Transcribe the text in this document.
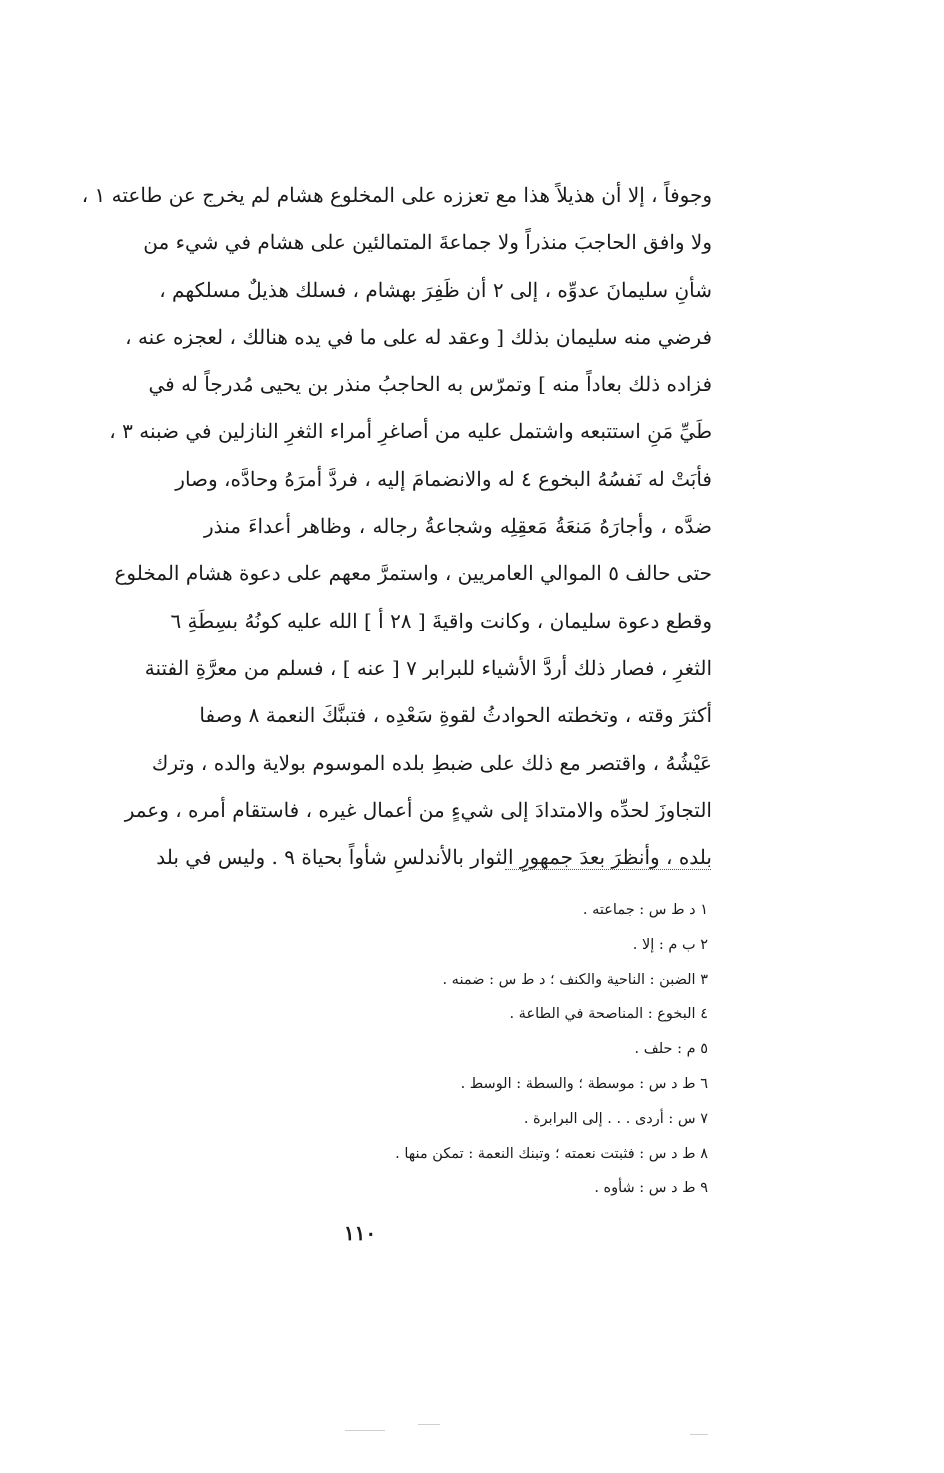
وجوفاً ، إلا أن هذيلاً هذا مع تعززه على المخلوع هشام لم يخرج عن طاعته ١ ،
ولا وافق الحاجبَ منذراً ولا جماعةَ المتمالئين على هشام في شيء من
شأنِ سليمانَ عدوِّه ، إلى ٢ أن ظَفِرَ بهشام ، فسلك هذيلٌ مسلكهم ،
فرضي منه سليمان بذلك [ وعقد له على ما في يده هنالك ، لعجزه عنه ،
فزاده ذلك بعاداً منه ] وتمرّس به الحاجبُ منذر بن يحيى مُدرجاً له في
طَيِّ مَنِ استتبعه واشتمل عليه من أصاغرِ أمراء الثغرِ النازلين في ضبنه ٣ ،
فأبَتْ له نَفسُهُ البخوع ٤ له والانضمامَ إليه ، فردَّ أمرَهُ وحادَّه، وصار
ضدَّه ، وأجارَهُ مَنعَةُ مَعقِلِه وشجاعةُ رجاله ، وظاهر أعداءَ منذر
حتى حالف ٥ الموالي العامريين ، واستمرَّ معهم على دعوة هشام المخلوع
وقطع دعوة سليمان ، وكانت واقيةَ [ ٢٨ أ ] الله عليه كونُهُ بسِطَةِ ٦
الثغرِ ، فصار ذلك أردَّ الأشياء للبرابر ٧ [ عنه ] ، فسلم من معرَّةِ الفتنة
أكثرَ وقته ، وتخطته الحوادثُ لقوةِ سَعْدِه ، فتبنَّكَ النعمة ٨ وصفا
عَيْشُهُ ، واقتصر مع ذلك على ضبطِ بلده الموسوم بولاية والده ، وترك
التجاوزَ لحدِّه والامتدادَ إلى شيءٍ من أعمال غيره ، فاستقام أمره ، وعمر
بلده ، وأنظرَ بعدَ جمهورِ الثوار بالأندلسِ شأواً بحياة ٩ . وليس في بلد
١ د ط س : جماعته .
٢ ب م : إلا .
٣ الضبن : الناحية والكنف ؛ د ط س : ضمنه .
٤ البخوع : المناصحة في الطاعة .
٥ م : حلف .
٦ ط د س : موسطة ؛ والسطة : الوسط .
٧ س : أردى . . . إلى البرابرة .
٨ ط د س : فثبتت نعمته ؛ وتبنك النعمة : تمكن منها .
٩ ط د س : شأوه .
١١٠
